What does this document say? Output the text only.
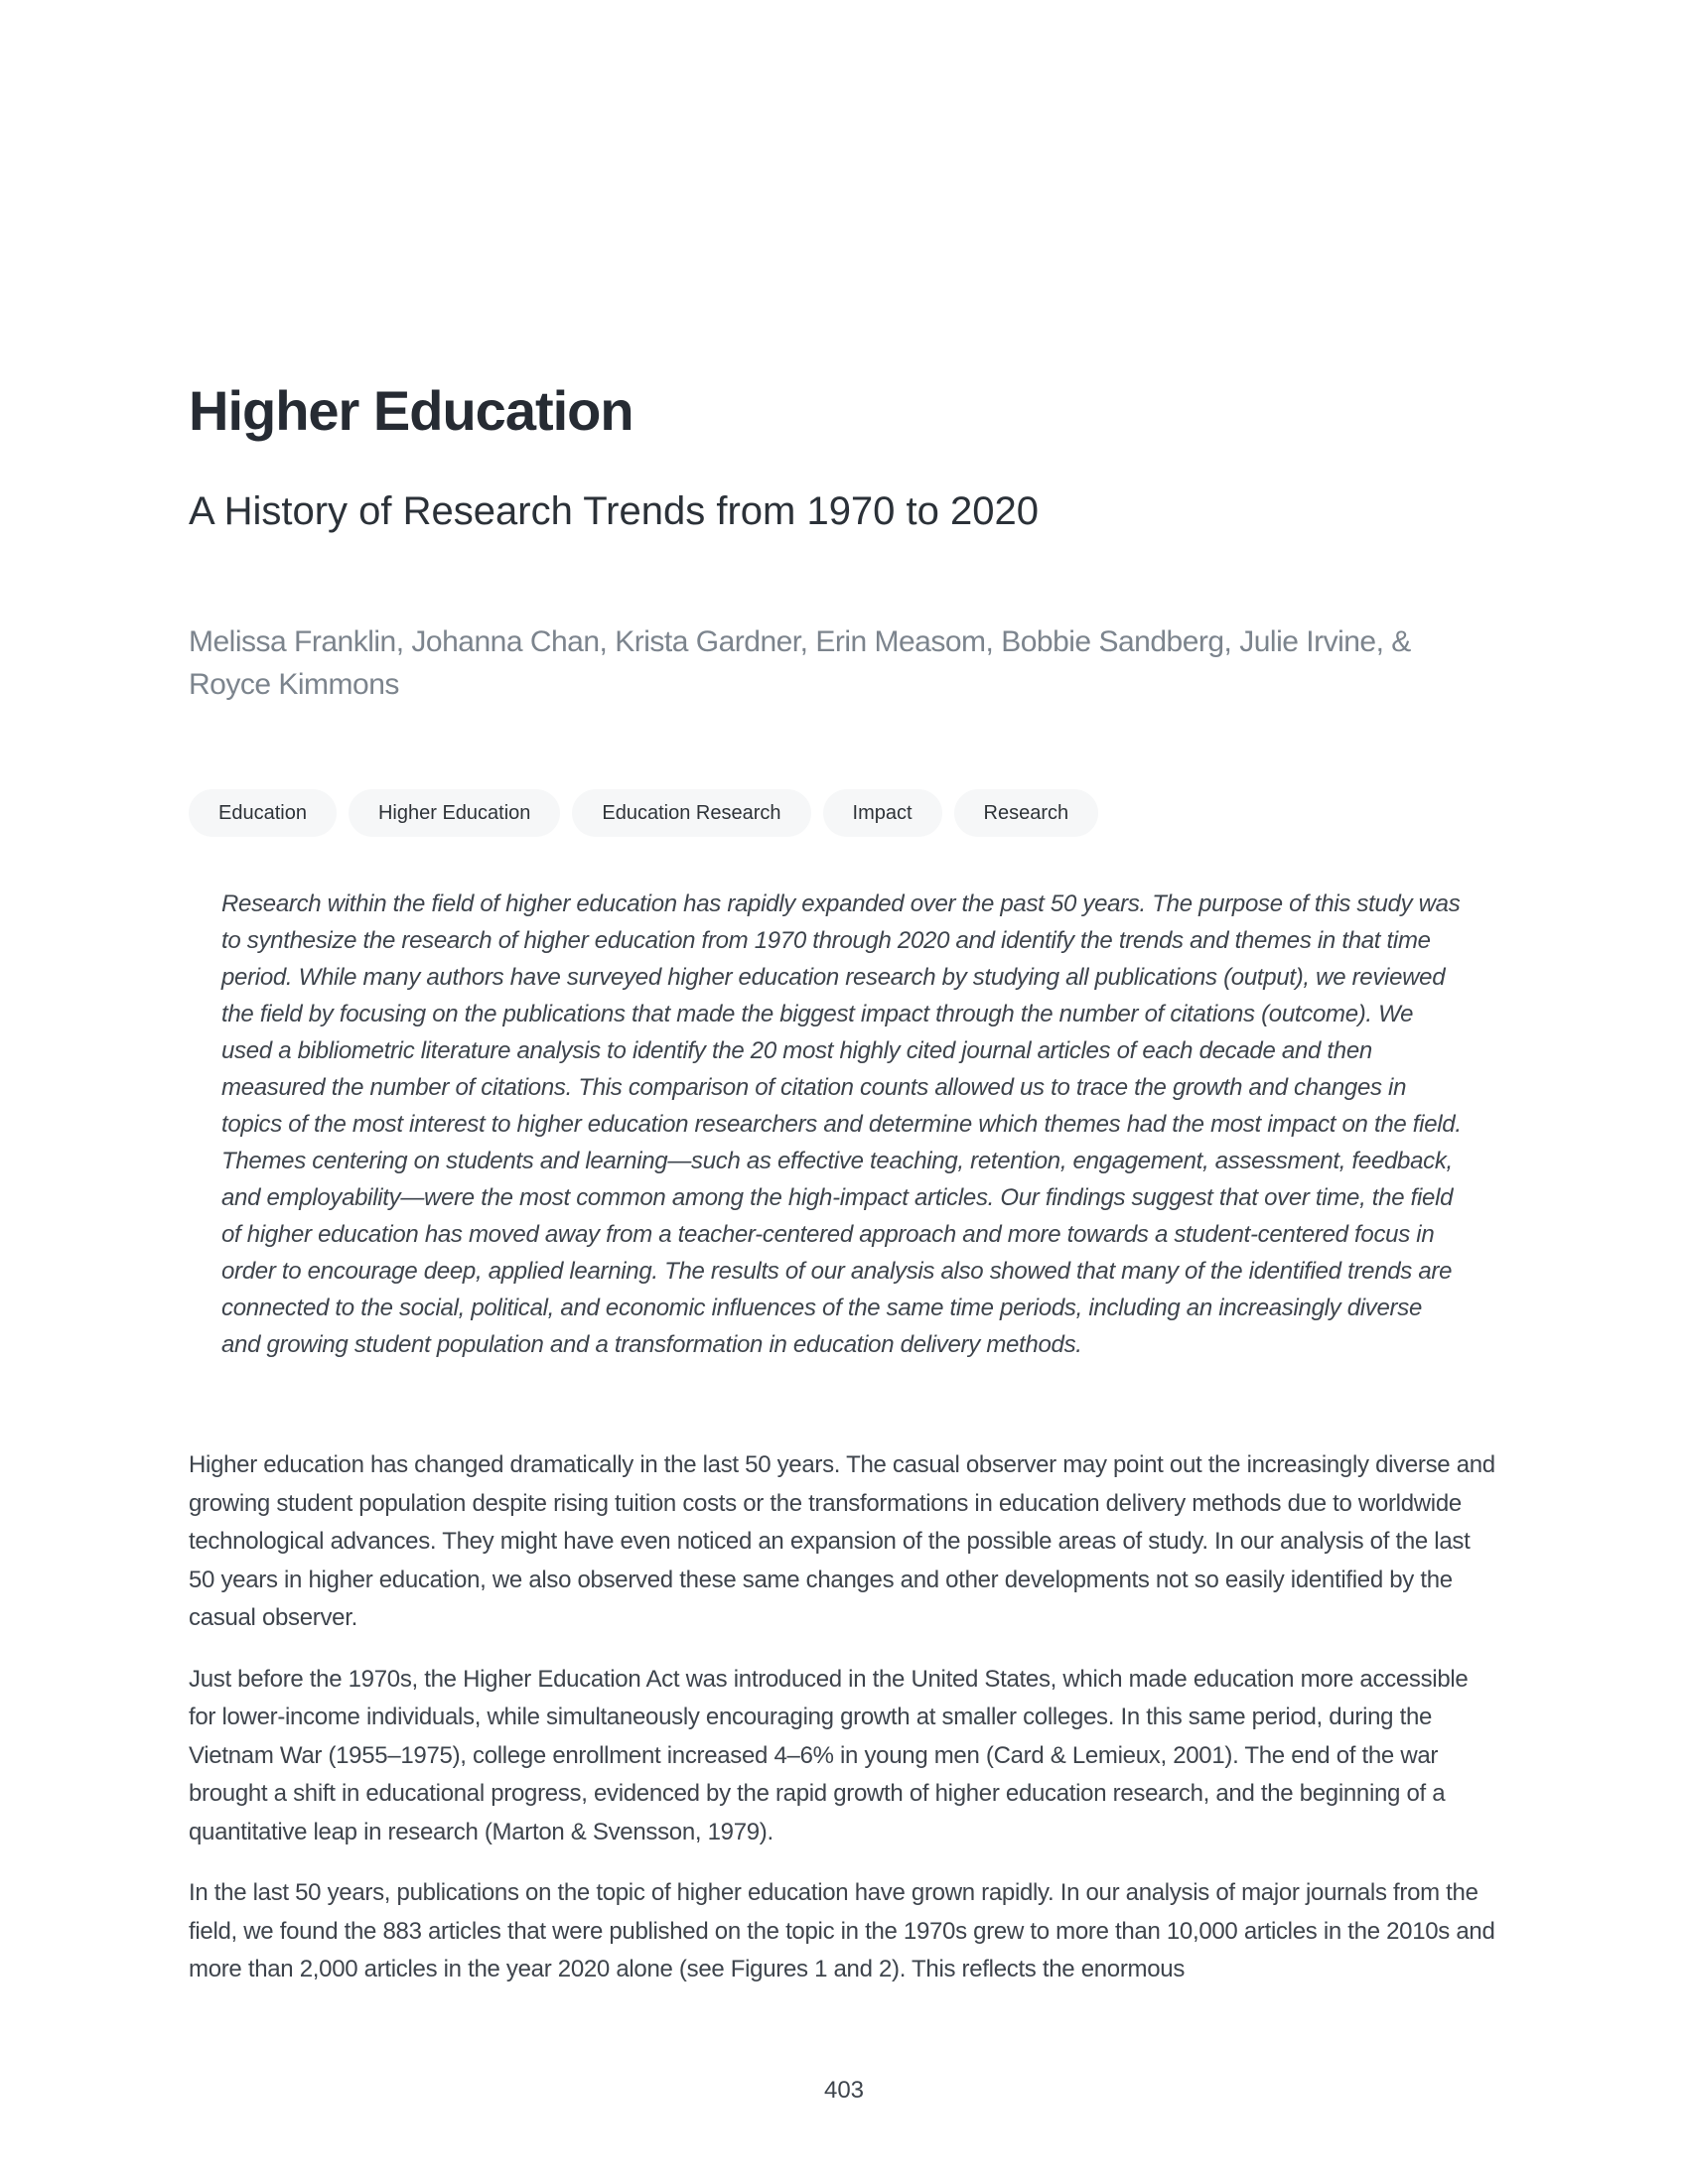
Higher Education
A History of Research Trends from 1970 to 2020
Melissa Franklin, Johanna Chan, Krista Gardner, Erin Measom, Bobbie Sandberg, Julie Irvine, &
Royce Kimmons
Education	Higher Education	Education Research	Impact	Research
Research within the field of higher education has rapidly expanded over the past 50 years. The purpose of this study was to synthesize the research of higher education from 1970 through 2020 and identify the trends and themes in that time period. While many authors have surveyed higher education research by studying all publications (output), we reviewed the field by focusing on the publications that made the biggest impact through the number of citations (outcome). We used a bibliometric literature analysis to identify the 20 most highly cited journal articles of each decade and then measured the number of citations. This comparison of citation counts allowed us to trace the growth and changes in topics of the most interest to higher education researchers and determine which themes had the most impact on the field. Themes centering on students and learning—such as effective teaching, retention, engagement, assessment, feedback, and employability—were the most common among the high-impact articles. Our findings suggest that over time, the field of higher education has moved away from a teacher-centered approach and more towards a student-centered focus in order to encourage deep, applied learning. The results of our analysis also showed that many of the identified trends are connected to the social, political, and economic influences of the same time periods, including an increasingly diverse and growing student population and a transformation in education delivery methods.

Higher education has changed dramatically in the last 50 years. The casual observer may point out the increasingly diverse and growing student population despite rising tuition costs or the transformations in education delivery methods due to worldwide technological advances. They might have even noticed an expansion of the possible areas of study. In our analysis of the last 50 years in higher education, we also observed these same changes and other developments not so easily identified by the casual observer.

Just before the 1970s, the Higher Education Act was introduced in the United States, which made education more accessible for lower-income individuals, while simultaneously encouraging growth at smaller colleges. In this same period, during the Vietnam War (1955–1975), college enrollment increased 4–6% in young men (Card & Lemieux, 2001). The end of the war brought a shift in educational progress, evidenced by the rapid growth of higher education research, and the beginning of a quantitative leap in research (Marton & Svensson, 1979).

In the last 50 years, publications on the topic of higher education have grown rapidly. In our analysis of major journals from the field, we found the 883 articles that were published on the topic in the 1970s grew to more than 10,000 articles in the 2010s and more than 2,000 articles in the year 2020 alone (see Figures 1 and 2). This reflects the enormous

403
